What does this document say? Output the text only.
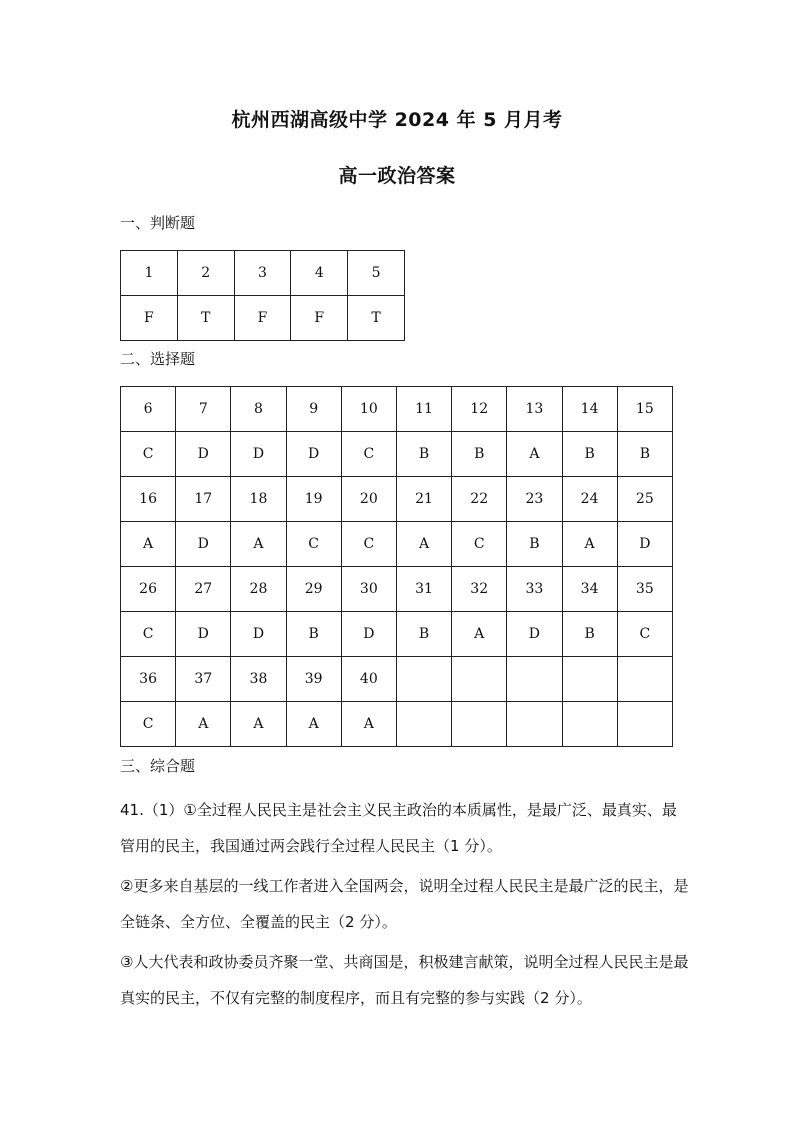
杭州西湖高级中学 2024 年 5 月月考
高一政治答案
一、判断题
1	2	3	4	5
F	T	F	F	T
二、选择题
6	7	8	9	10	11	12	13	14	15
C	D	D	D	C	B	B	A	B	B
16	17	18	19	20	21	22	23	24	25
A	D	A	C	C	A	C	B	A	D
26	27	28	29	30	31	32	33	34	35
C	D	D	B	D	B	A	D	B	C
36	37	38	39	40					
C	A	A	A	A					
三、综合题

41.（1）①全过程人民民主是社会主义民主政治的本质属性，是最广泛、最真实、最管用的民主，我国通过两会践行全过程人民民主（1 分）。

②更多来自基层的一线工作者进入全国两会，说明全过程人民民主是最广泛的民主，是全链条、全方位、全覆盖的民主（2 分）。

③人大代表和政协委员齐聚一堂、共商国是，积极建言献策，说明全过程人民民主是最真实的民主，不仅有完整的制度程序，而且有完整的参与实践（2 分）。
